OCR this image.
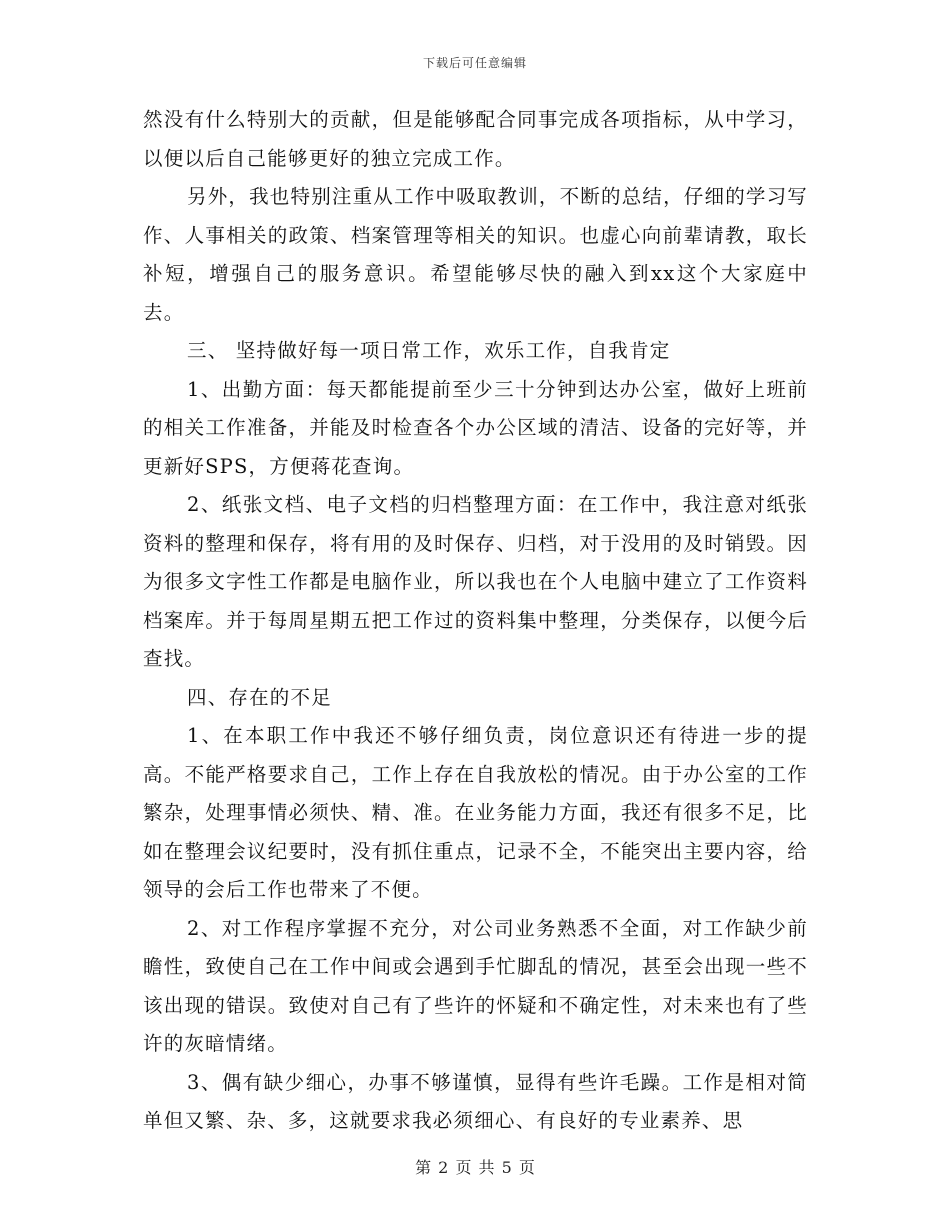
下载后可任意编辑

然没有什么特别大的贡献，但是能够配合同事完成各项指标，从中学习，以便以后自己能够更好的独立完成工作。

另外，我也特别注重从工作中吸取教训，不断的总结，仔细的学习写作、人事相关的政策、档案管理等相关的知识。也虚心向前辈请教，取长补短，增强自己的服务意识。希望能够尽快的融入到xx这个大家庭中去。

三、 坚持做好每一项日常工作，欢乐工作，自我肯定

1、出勤方面：每天都能提前至少三十分钟到达办公室，做好上班前的相关工作准备，并能及时检查各个办公区域的清洁、设备的完好等，并更新好SPS，方便蒋花查询。

2、纸张文档、电子文档的归档整理方面：在工作中，我注意对纸张资料的整理和保存，将有用的及时保存、归档，对于没用的及时销毁。因为很多文字性工作都是电脑作业，所以我也在个人电脑中建立了工作资料档案库。并于每周星期五把工作过的资料集中整理，分类保存，以便今后查找。

四、存在的不足

1、在本职工作中我还不够仔细负责，岗位意识还有待进一步的提高。不能严格要求自己，工作上存在自我放松的情况。由于办公室的工作繁杂，处理事情必须快、精、准。在业务能力方面，我还有很多不足，比如在整理会议纪要时，没有抓住重点，记录不全，不能突出主要内容，给领导的会后工作也带来了不便。

2、对工作程序掌握不充分，对公司业务熟悉不全面，对工作缺少前瞻性，致使自己在工作中间或会遇到手忙脚乱的情况，甚至会出现一些不该出现的错误。致使对自己有了些许的怀疑和不确定性，对未来也有了些许的灰暗情绪。

3、偶有缺少细心，办事不够谨慎，显得有些许毛躁。工作是相对简单但又繁、杂、多，这就要求我必须细心、有良好的专业素养、思

第 2 页 共 5 页
